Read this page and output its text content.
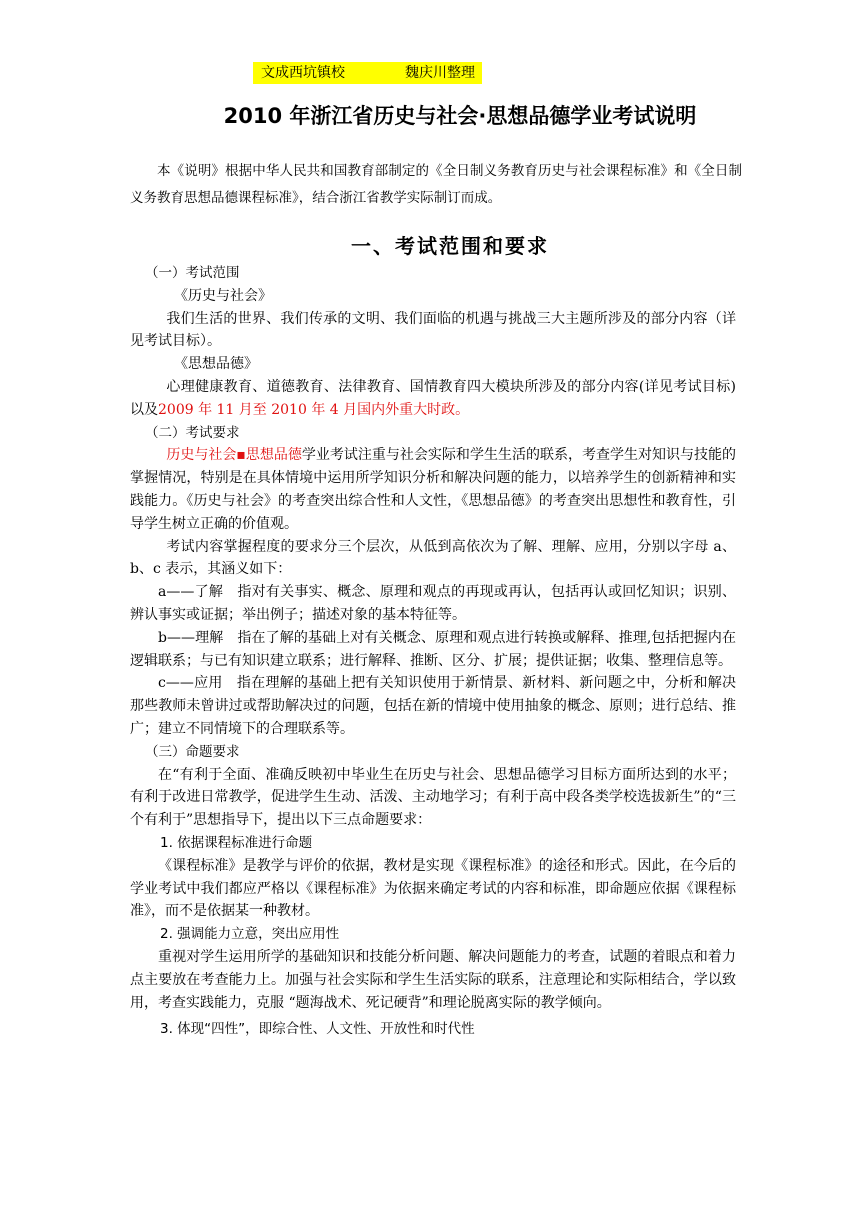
文成西坑镇校	魏庆川整理
2010 年浙江省历史与社会·思想品德学业考试说明
本《说明》根据中华人民共和国教育部制定的《全日制义务教育历史与社会课程标准》和《全日制义务教育思想品德课程标准》，结合浙江省教学实际制订而成。
一、考试范围和要求

（一）考试范围

《历史与社会》

我们生活的世界、我们传承的文明、我们面临的机遇与挑战三大主题所涉及的部分内容（详见考试目标）。

《思想品德》

心理健康教育、道德教育、法律教育、国情教育四大模块所涉及的部分内容(详见考试目标)以及2009 年 11 月至 2010 年 4 月国内外重大时政。

（二）考试要求

历史与社会▪思想品德学业考试注重与社会实际和学生生活的联系，考查学生对知识与技能的掌握情况，特别是在具体情境中运用所学知识分析和解决问题的能力，以培养学生的创新精神和实践能力。《历史与社会》的考查突出综合性和人文性，《思想品德》的考查突出思想性和教育性，引导学生树立正确的价值观。

考试内容掌握程度的要求分三个层次，从低到高依次为了解、理解、应用，分别以字母 a、b、c 表示，其涵义如下：

a——了解　指对有关事实、概念、原理和观点的再现或再认，包括再认或回忆知识；识别、辨认事实或证据；举出例子；描述对象的基本特征等。

b——理解　指在了解的基础上对有关概念、原理和观点进行转换或解释、推理,包括把握内在逻辑联系；与已有知识建立联系；进行解释、推断、区分、扩展；提供证据；收集、整理信息等。

c——应用　指在理解的基础上把有关知识使用于新情景、新材料、新问题之中，分析和解决那些教师未曾讲过或帮助解决过的问题，包括在新的情境中使用抽象的概念、原则；进行总结、推广；建立不同情境下的合理联系等。

（三）命题要求

在“有利于全面、准确反映初中毕业生在历史与社会、思想品德学习目标方面所达到的水平；有利于改进日常教学，促进学生生动、活泼、主动地学习；有利于高中段各类学校选拔新生”的“三个有利于”思想指导下，提出以下三点命题要求：

1. 依据课程标准进行命题

《课程标准》是教学与评价的依据，教材是实现《课程标准》的途径和形式。因此，在今后的学业考试中我们都应严格以《课程标准》为依据来确定考试的内容和标准，即命题应依据《课程标准》，而不是依据某一种教材。

2. 强调能力立意，突出应用性

重视对学生运用所学的基础知识和技能分析问题、解决问题能力的考查，试题的着眼点和着力点主要放在考查能力上。加强与社会实际和学生生活实际的联系，注意理论和实际相结合，学以致用，考查实践能力，克服 “题海战术、死记硬背”和理论脱离实际的教学倾向。

3. 体现“四性”，即综合性、人文性、开放性和时代性
